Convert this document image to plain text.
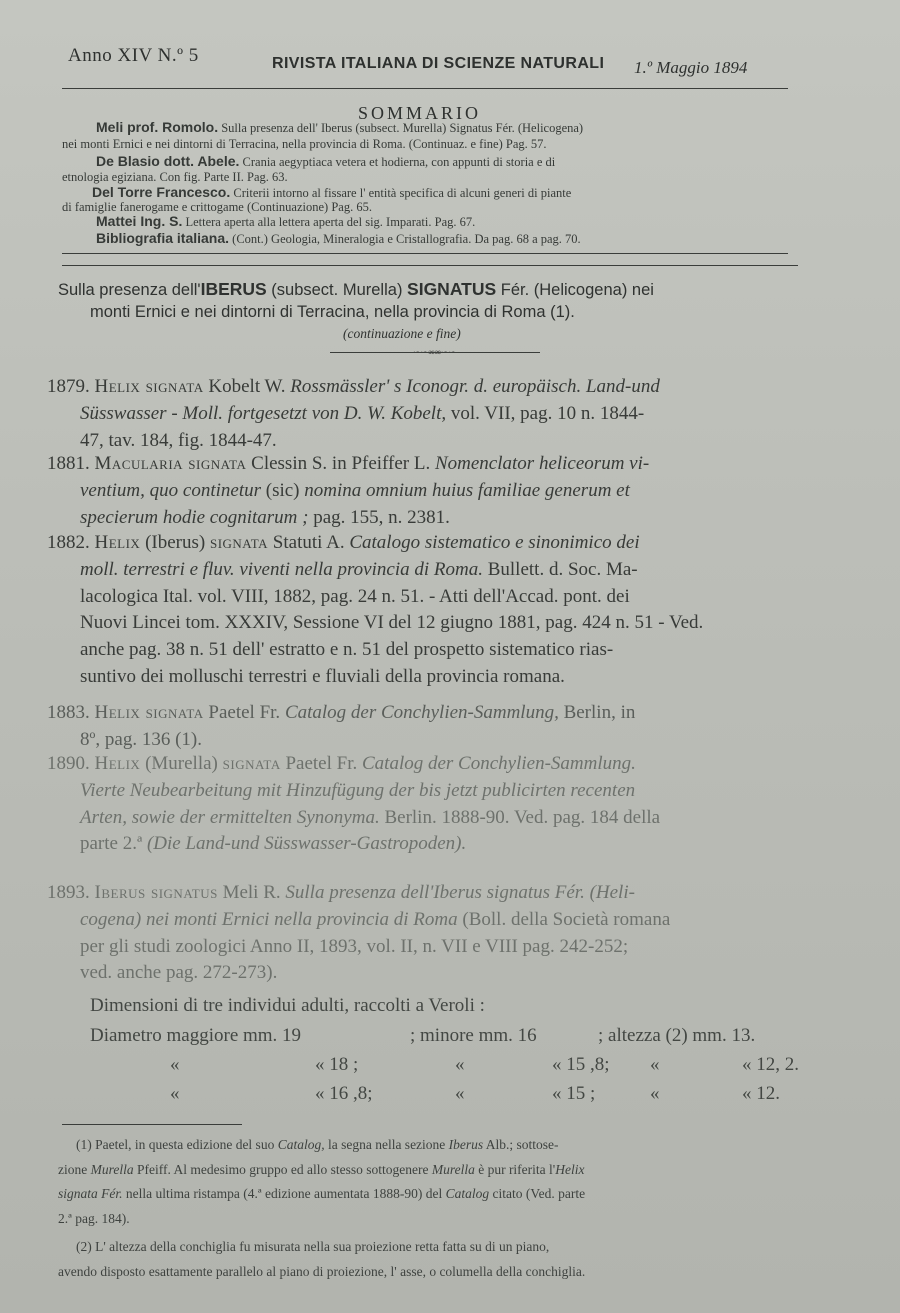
Anno XIV N.º 5	RIVISTA ITALIANA DI SCIENZE NATURALI 1.º Maggio 1894
SOMMARIO
Meli prof. Romolo. Sulla presenza dell' Iberus (subsect. Murella) Signatus Fér. (Helicogena)
nei monti Ernici e nei dintorni di Terracina, nella provincia di Roma. (Continuaz. e fine) Pag. 57.
De Blasio dott. Abele. Crania aegyptiaca vetera et hodierna, con appunti di storia e di
etnologia egiziana. Con fig. Parte II. Pag. 63.
Del Torre Francesco. Criterii intorno al fissare l' entità specifica di alcuni generi di piante
di famiglie fanerogame e crittogame (Continuazione) Pag. 65.
Mattei Ing. S. Lettera aperta alla lettera aperta del sig. Imparati. Pag. 67.
Bibliografia italiana. (Cont.) Geologia, Mineralogia e Cristallografia. Da pag. 68 a pag. 70.
Sulla presenza dell'IBERUS (subsect. Murella) SIGNATUS Fér. (Helicogena) nei
monti Ernici e nei dintorni di Terracina, nella provincia di Roma (1).
(continuazione e fine)
——∽∽∞∞∽∽——
1879. Helix signata Kobelt W. Rossmässler' s Iconogr. d. europäisch. Land-und
Süsswasser - Moll. fortgesetzt von D. W. Kobelt, vol. VII, pag. 10 n. 1844-
47, tav. 184, fig. 1844-47.
1881. Macularia signata Clessin S. in Pfeiffer L. Nomenclator heliceorum vi-
ventium, quo continetur (sic) nomina omnium huius familiae generum et
specierum hodie cognitarum ; pag. 155, n. 2381.
1882. Helix (Iberus) signata Statuti A. Catalogo sistematico e sinonimico dei
moll. terrestri e fluv. viventi nella provincia di Roma. Bullett. d. Soc. Ma-
lacologica Ital. vol. VIII, 1882, pag. 24 n. 51. - Atti dell'Accad. pont. dei
Nuovi Lincei tom. XXXIV, Sessione VI del 12 giugno 1881, pag. 424 n. 51 - Ved.
anche pag. 38 n. 51 dell' estratto e n. 51 del prospetto sistematico rias-
suntivo dei molluschi terrestri e fluviali della provincia romana.
1883. Helix signata Paetel Fr. Catalog der Conchylien-Sammlung, Berlin, in
8º, pag. 136 (1).
1890. Helix (Murella) signata Paetel Fr. Catalog der Conchylien-Sammlung.
Vierte Neubearbeitung mit Hinzufügung der bis jetzt publicirten recenten
Arten, sowie der ermittelten Synonyma. Berlin. 1888-90. Ved. pag. 184 della
parte 2.ª (Die Land-und Süsswasser-Gastropoden).
1893. Iberus signatus Meli R. Sulla presenza dell'Iberus signatus Fér. (Heli-
cogena) nei monti Ernici nella provincia di Roma (Boll. della Società romana
per gli studi zoologici Anno II, 1893, vol. II, n. VII e VIII pag. 242-252;
ved. anche pag. 272-273).
Dimensioni di tre individui adulti, raccolti a Veroli :
Diametro maggiore mm. 19	; minore mm. 16	; altezza (2) mm. 13.
«	« 18 ;	«	« 15 ,8; «	« 12, 2.
«	« 16 ,8;	«	« 15 ;	«	« 12.
(1) Paetel, in questa edizione del suo Catalog, la segna nella sezione Iberus Alb.; sottose-
zione Murella Pfeiff. Al medesimo gruppo ed allo stesso sottogenere Murella è pur riferita l'Helix
signata Fér. nella ultima ristampa (4.ª edizione aumentata 1888-90) del Catalog citato (Ved. parte
2.ª pag. 184).
(2) L' altezza della conchiglia fu misurata nella sua proiezione retta fatta su di un piano,
avendo disposto esattamente parallelo al piano di proiezione, l' asse, o columella della conchiglia.
